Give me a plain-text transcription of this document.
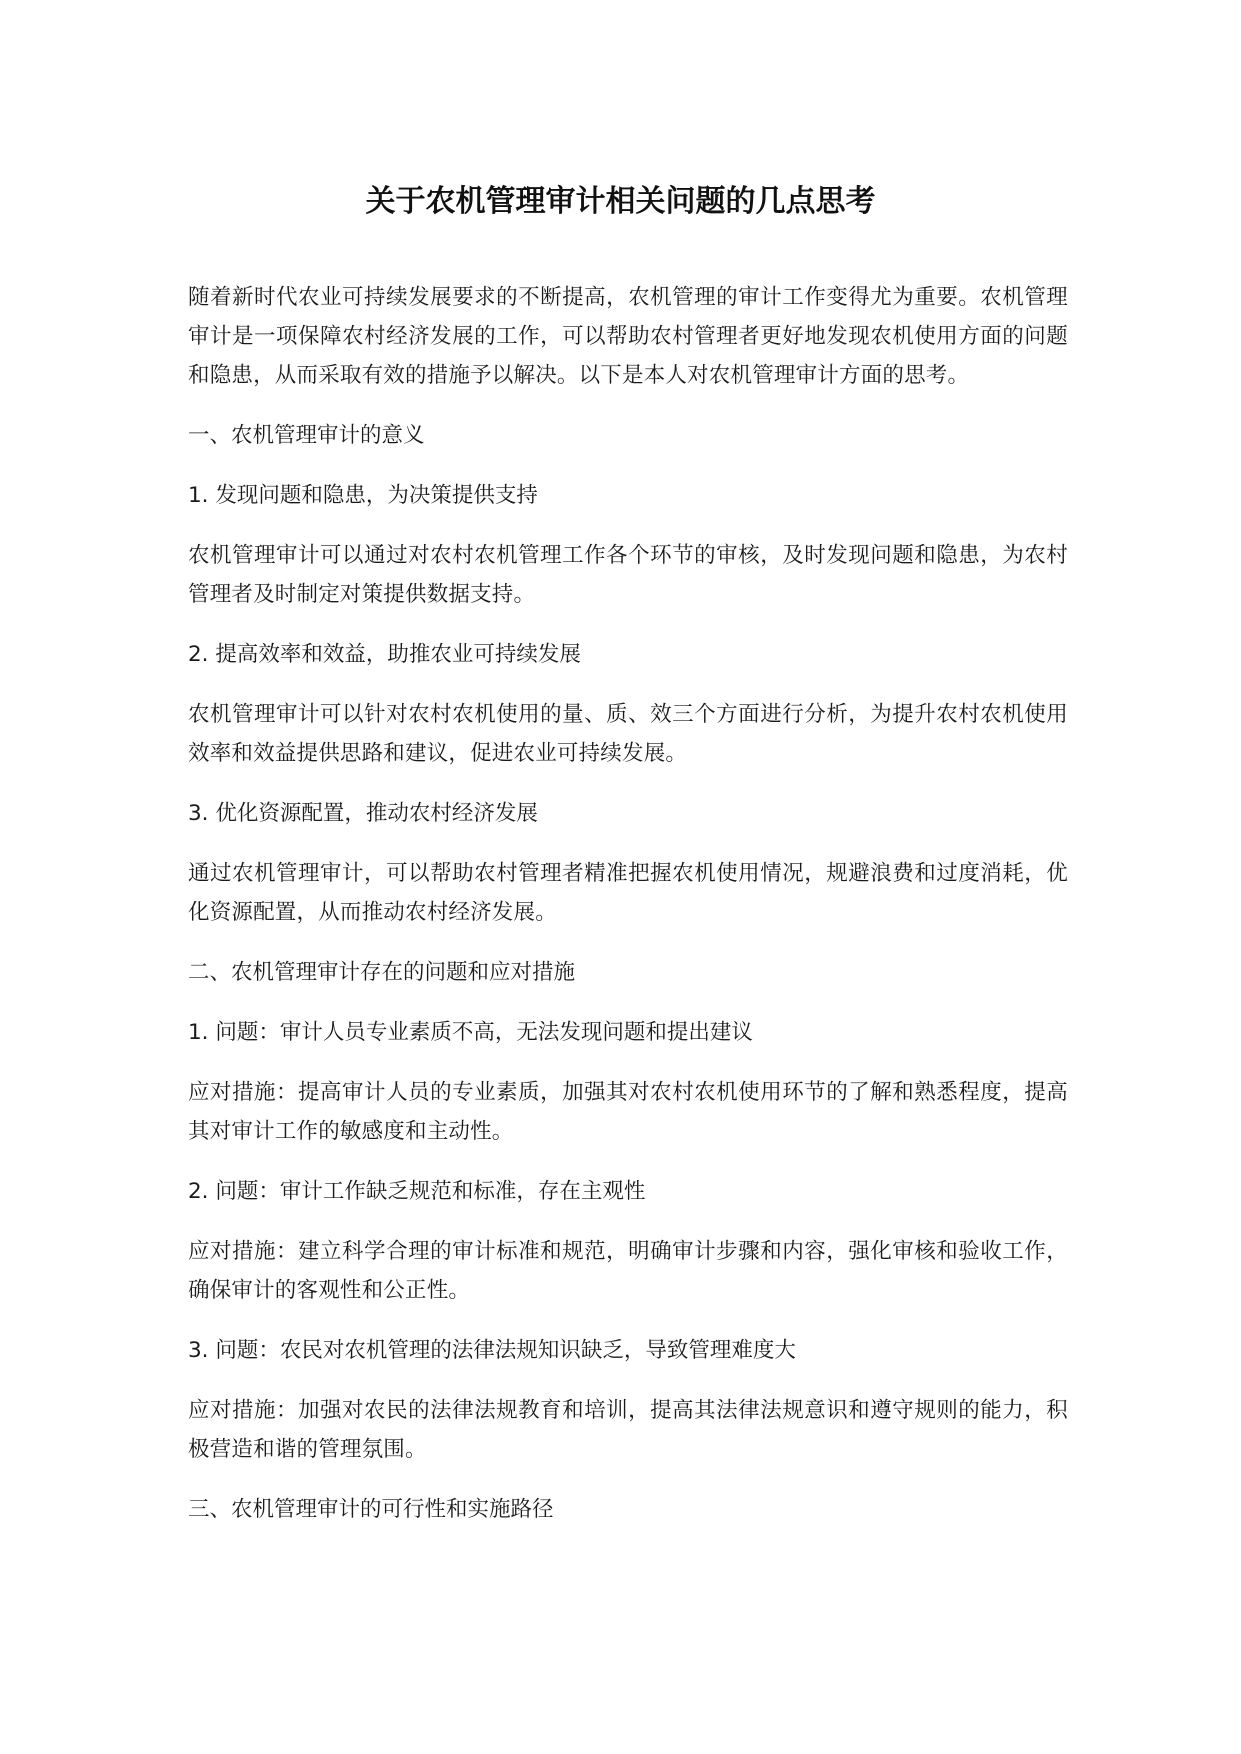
关于农机管理审计相关问题的几点思考

随着新时代农业可持续发展要求的不断提高，农机管理的审计工作变得尤为重要。农机管理审计是一项保障农村经济发展的工作，可以帮助农村管理者更好地发现农机使用方面的问题和隐患，从而采取有效的措施予以解决。以下是本人对农机管理审计方面的思考。

一、农机管理审计的意义

1. 发现问题和隐患，为决策提供支持

农机管理审计可以通过对农村农机管理工作各个环节的审核，及时发现问题和隐患，为农村管理者及时制定对策提供数据支持。

2. 提高效率和效益，助推农业可持续发展

农机管理审计可以针对农村农机使用的量、质、效三个方面进行分析，为提升农村农机使用效率和效益提供思路和建议，促进农业可持续发展。

3. 优化资源配置，推动农村经济发展

通过农机管理审计，可以帮助农村管理者精准把握农机使用情况，规避浪费和过度消耗，优化资源配置，从而推动农村经济发展。

二、农机管理审计存在的问题和应对措施

1. 问题：审计人员专业素质不高，无法发现问题和提出建议

应对措施：提高审计人员的专业素质，加强其对农村农机使用环节的了解和熟悉程度，提高其对审计工作的敏感度和主动性。

2. 问题：审计工作缺乏规范和标准，存在主观性

应对措施：建立科学合理的审计标准和规范，明确审计步骤和内容，强化审核和验收工作，确保审计的客观性和公正性。

3. 问题：农民对农机管理的法律法规知识缺乏，导致管理难度大

应对措施：加强对农民的法律法规教育和培训，提高其法律法规意识和遵守规则的能力，积极营造和谐的管理氛围。

三、农机管理审计的可行性和实施路径
